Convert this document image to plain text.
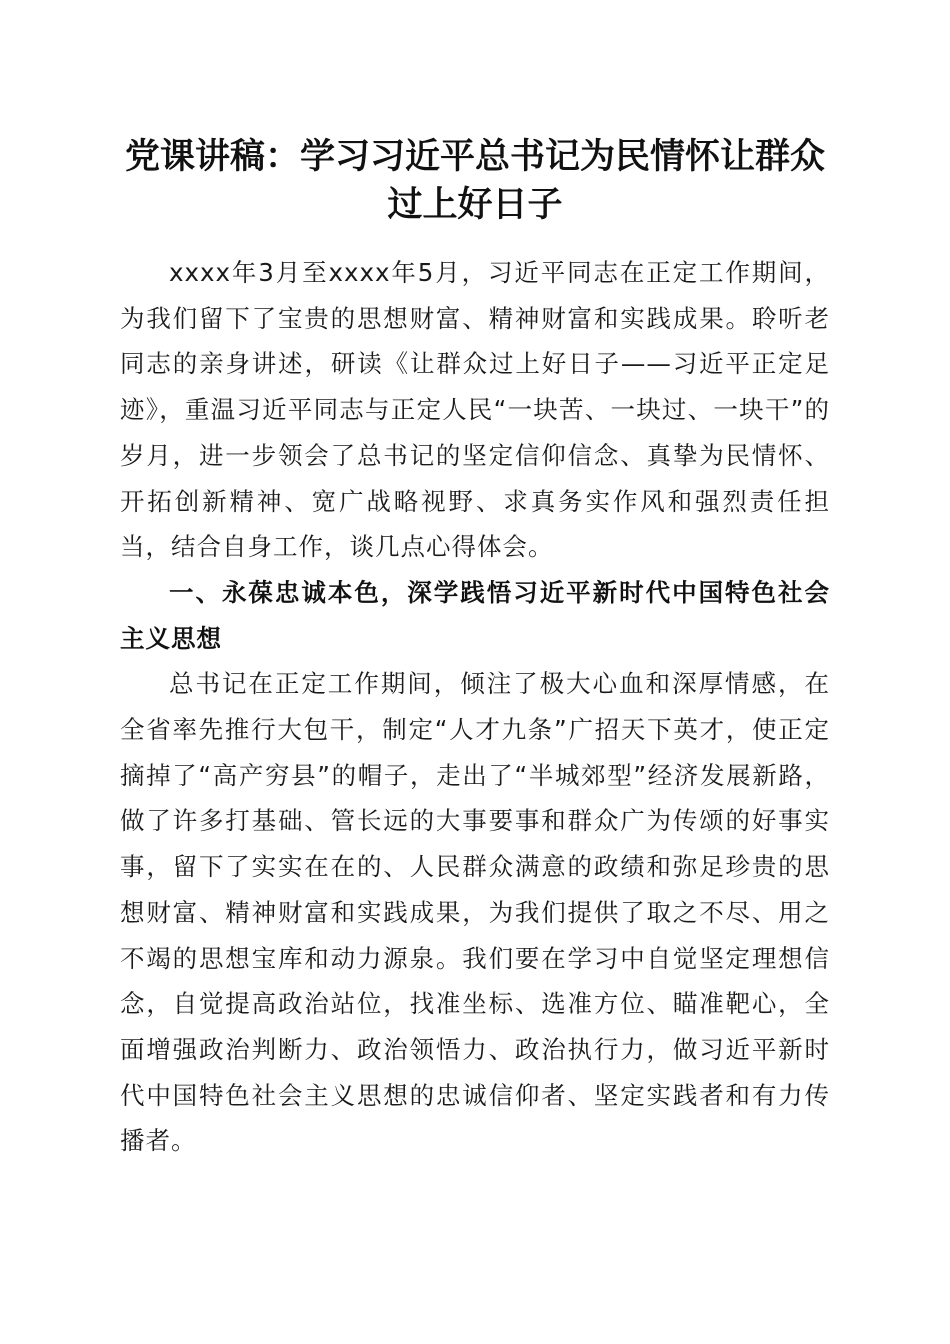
党课讲稿：学习习近平总书记为民情怀让群众
过上好日子

xxxx年3月至xxxx年5月，习近平同志在正定工作期间，为我们留下了宝贵的思想财富、精神财富和实践成果。聆听老同志的亲身讲述，研读《让群众过上好日子——习近平正定足迹》，重温习近平同志与正定人民“一块苦、一块过、一块干”的岁月，进一步领会了总书记的坚定信仰信念、真挚为民情怀、开拓创新精神、宽广战略视野、求真务实作风和强烈责任担当，结合自身工作，谈几点心得体会。

一、永葆忠诚本色，深学践悟习近平新时代中国特色社会主义思想

总书记在正定工作期间，倾注了极大心血和深厚情感，在全省率先推行大包干，制定“人才九条”广招天下英才，使正定摘掉了“高产穷县”的帽子，走出了“半城郊型”经济发展新路，做了许多打基础、管长远的大事要事和群众广为传颂的好事实事，留下了实实在在的、人民群众满意的政绩和弥足珍贵的思想财富、精神财富和实践成果，为我们提供了取之不尽、用之不竭的思想宝库和动力源泉。我们要在学习中自觉坚定理想信念，自觉提高政治站位，找准坐标、选准方位、瞄准靶心，全面增强政治判断力、政治领悟力、政治执行力，做习近平新时代中国特色社会主义思想的忠诚信仰者、坚定实践者和有力传播者。
